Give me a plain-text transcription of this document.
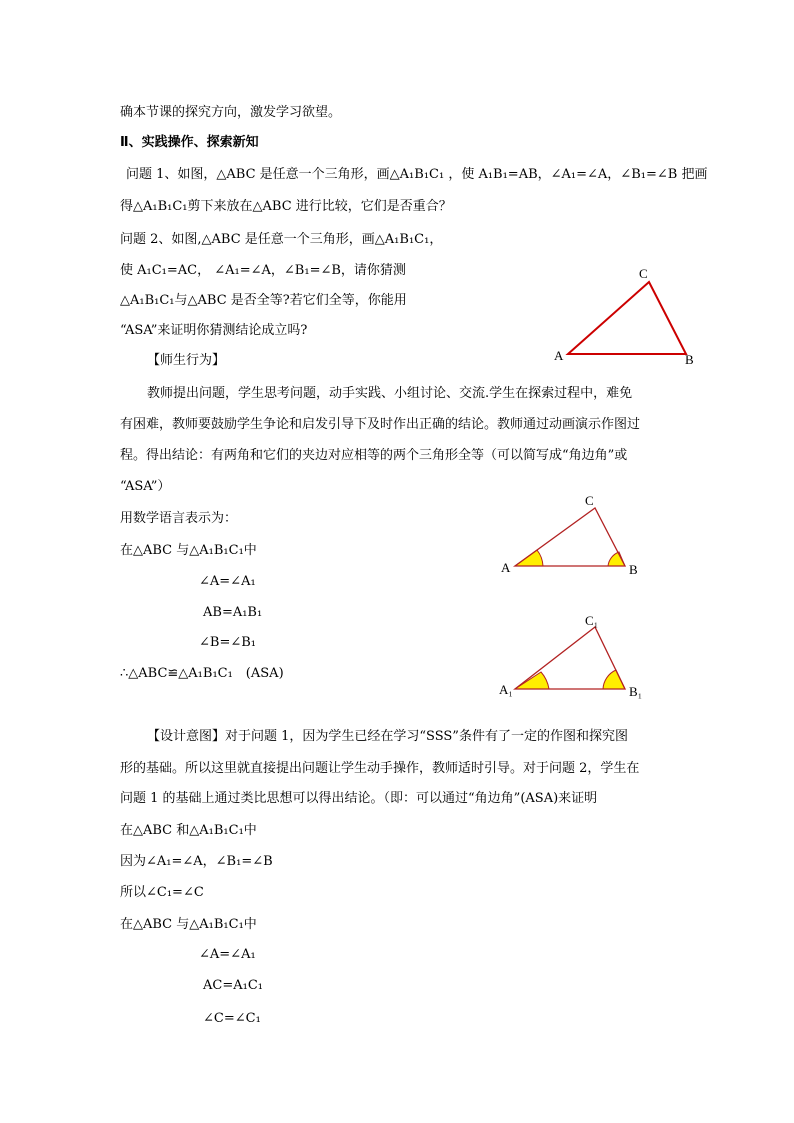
确本节课的探究方向，激发学习欲望。
Ⅱ、实践操作、探索新知
问题 1、如图，△ABC 是任意一个三角形，画△A₁B₁C₁ ，使 A₁B₁=AB，∠A₁=∠A，∠B₁=∠B 把画
得△A₁B₁C₁剪下来放在△ABC 进行比较，它们是否重合？
问题 2、如图,△ABC 是任意一个三角形，画△A₁B₁C₁，
使 A₁C₁=AC， ∠A₁=∠A，∠B₁=∠B，请你猜测
△A₁B₁C₁与△ABC 是否全等?若它们全等，你能用
“ASA”来证明你猜测结论成立吗?
【师生行为】
教师提出问题，学生思考问题，动手实践、小组讨论、交流.学生在探索过程中，难免
有困难，教师要鼓励学生争论和启发引导下及时作出正确的结论。教师通过动画演示作图过
程。得出结论：有两角和它们的夹边对应相等的两个三角形全等（可以简写成“角边角”或
“ASA”）
用数学语言表示为：
在△ABC 与△A₁B₁C₁中
∠A=∠A₁
AB=A₁B₁
∠B=∠B₁
∴△ABC≌△A₁B₁C₁　(ASA)
【设计意图】对于问题 1，因为学生已经在学习“SSS”条件有了一定的作图和探究图
形的基础。所以这里就直接提出问题让学生动手操作，教师适时引导。对于问题 2，学生在
问题 1 的基础上通过类比思想可以得出结论。（即：可以通过“角边角”(ASA)来证明
在△ABC 和△A₁B₁C₁中
因为∠A₁=∠A，∠B₁=∠B
所以∠C₁=∠C
在△ABC 与△A₁B₁C₁中
∠A=∠A₁
AC=A₁C₁
∠C=∠C₁
A	B
C
A	B
C
A₁	B₁
C₁
